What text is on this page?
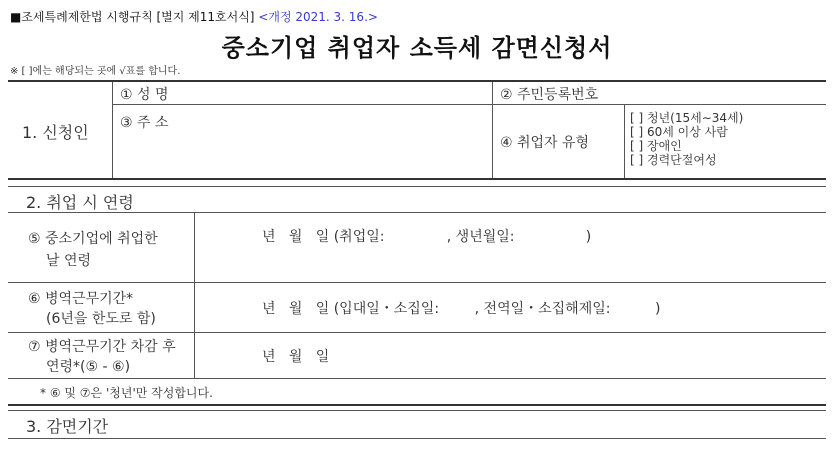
■조세특례제한법 시행규칙 [별지 제11호서식] <개정 2021. 3. 16.>
중소기업 취업자 소득세 감면신청서
※ [ ]에는 해당되는 곳에 √표를 합니다.
1. 신청인
① 성 명	② 주민등록번호
③ 주 소
④ 취업자 유형
[ ] 청년(15세∼34세)
[ ] 60세 이상 사람
[ ] 장애인
[ ] 경력단절여성
2. 취업 시 연령
⑤ 중소기업에 취업한
날 연령
년   월   일 (취업일:              , 생년월일:                )
⑥ 병역근무기간*
(6년을 한도로 함)
년   월   일 (입대일・소집일:        , 전역일・소집해제일:          )
⑦ 병역근무기간 차감 후
연령*(⑤ - ⑥)
년   월   일
* ⑥ 및 ⑦은 '청년'만 작성합니다.
3. 감면기간
